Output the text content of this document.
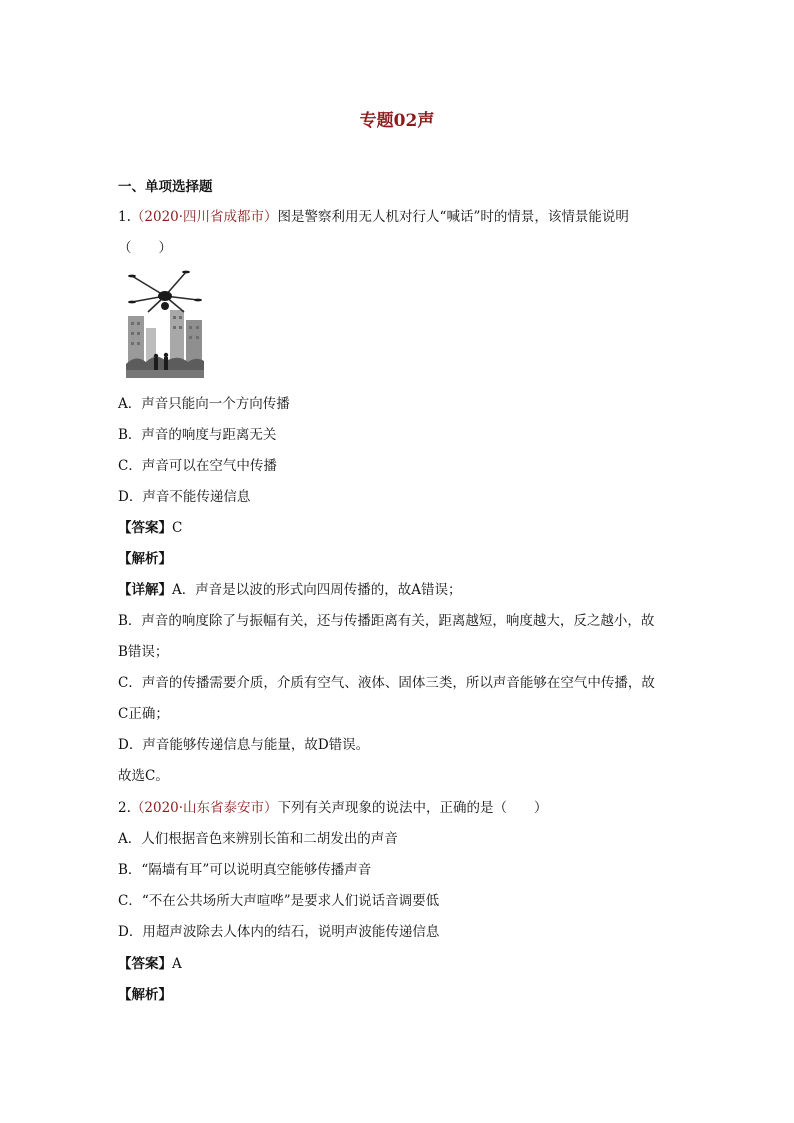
专题02声
一、单项选择题
1.（2020·四川省成都市）图是警察利用无人机对行人“喊话”时的情景，该情景能说明
（　　）
A．声音只能向一个方向传播
B．声音的响度与距离无关
C．声音可以在空气中传播
D．声音不能传递信息
【答案】C
【解析】
【详解】A．声音是以波的形式向四周传播的，故A错误；
B．声音的响度除了与振幅有关，还与传播距离有关，距离越短，响度越大，反之越小，故
B错误；
C．声音的传播需要介质，介质有空气、液体、固体三类，所以声音能够在空气中传播，故
C正确；
D．声音能够传递信息与能量，故D错误。
故选C。
2.（2020·山东省泰安市）下列有关声现象的说法中，正确的是（　　）
A．人们根据音色来辨别长笛和二胡发出的声音
B．“隔墙有耳”可以说明真空能够传播声音
C．“不在公共场所大声喧哗”是要求人们说话音调要低
D．用超声波除去人体内的结石，说明声波能传递信息
【答案】A
【解析】
